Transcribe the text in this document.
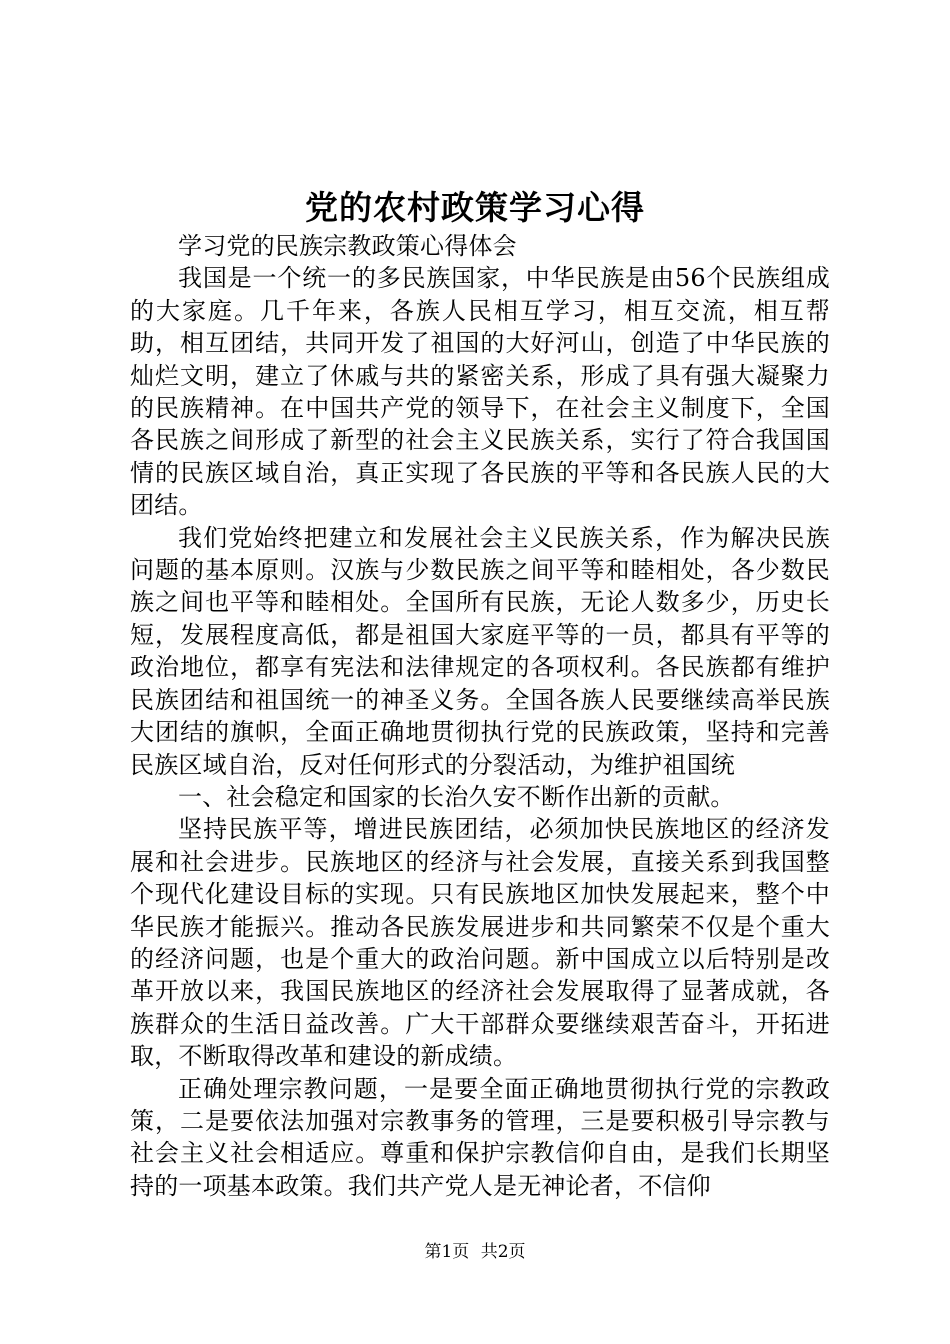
党的农村政策学习心得

学习党的民族宗教政策心得体会

我国是一个统一的多民族国家，中华民族是由56个民族组成的大家庭。几千年来，各族人民相互学习，相互交流，相互帮助，相互团结，共同开发了祖国的大好河山，创造了中华民族的灿烂文明，建立了休戚与共的紧密关系，形成了具有强大凝聚力的民族精神。在中国共产党的领导下，在社会主义制度下，全国各民族之间形成了新型的社会主义民族关系，实行了符合我国国情的民族区域自治，真正实现了各民族的平等和各民族人民的大团结。

我们党始终把建立和发展社会主义民族关系，作为解决民族问题的基本原则。汉族与少数民族之间平等和睦相处，各少数民族之间也平等和睦相处。全国所有民族，无论人数多少，历史长短，发展程度高低，都是祖国大家庭平等的一员，都具有平等的政治地位，都享有宪法和法律规定的各项权利。各民族都有维护民族团结和祖国统一的神圣义务。全国各族人民要继续高举民族大团结的旗帜，全面正确地贯彻执行党的民族政策，坚持和完善民族区域自治，反对任何形式的分裂活动，为维护祖国统

一、社会稳定和国家的长治久安不断作出新的贡献。

坚持民族平等，增进民族团结，必须加快民族地区的经济发展和社会进步。民族地区的经济与社会发展，直接关系到我国整个现代化建设目标的实现。只有民族地区加快发展起来，整个中华民族才能振兴。推动各民族发展进步和共同繁荣不仅是个重大的经济问题，也是个重大的政治问题。新中国成立以后特别是改革开放以来，我国民族地区的经济社会发展取得了显著成就，各族群众的生活日益改善。广大干部群众要继续艰苦奋斗，开拓进取，不断取得改革和建设的新成绩。

正确处理宗教问题，一是要全面正确地贯彻执行党的宗教政策，二是要依法加强对宗教事务的管理，三是要积极引导宗教与社会主义社会相适应。尊重和保护宗教信仰自由，是我们长期坚持的一项基本政策。我们共产党人是无神论者，不信仰

第1页 共2页
